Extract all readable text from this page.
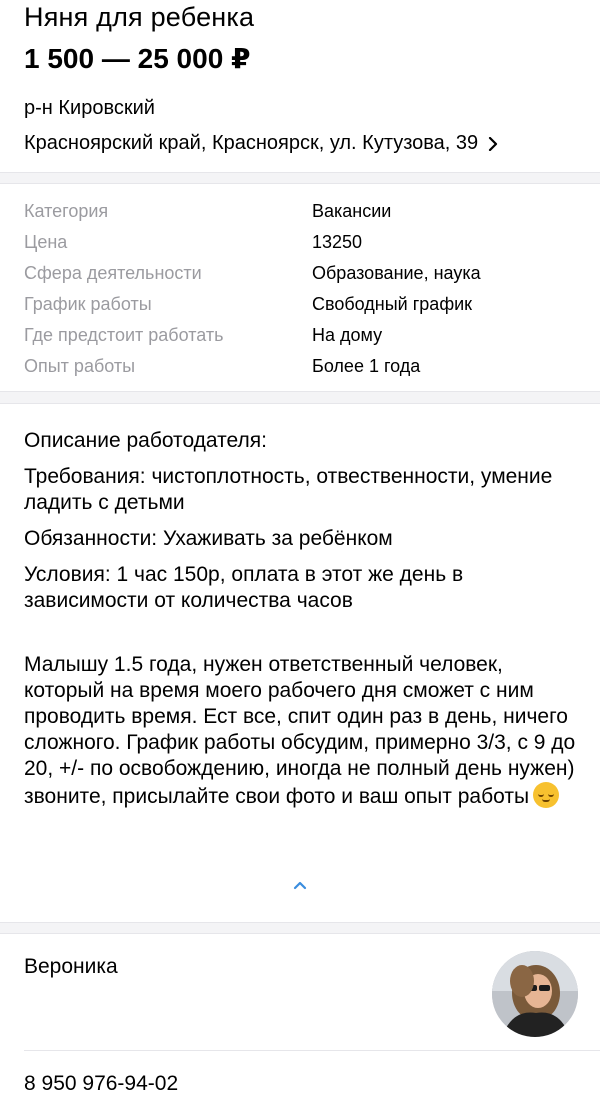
Няня для ребенка
1 500 — 25 000 ₽
р-н Кировский
Красноярский край, Красноярск, ул. Кутузова, 39
Категория	Вакансии
Цена	13250
Сфера деятельности	Образование, наука
График работы	Свободный график
Где предстоит работать	На дому
Опыт работы	Более 1 года

Описание работодателя:

Требования: чистоплотность, отвественности, умение ладить с детьми

Обязанности: Ухаживать за ребёнком

Условия: 1 час 150р, оплата в этот же день в зависимости от количества часов

Малышу 1.5 года, нужен ответственный человек, который на время моего рабочего дня сможет с ним проводить время. Ест все, спит один раз в день, ничего сложного. График работы обсудим, примерно 3/3, с 9 до 20, +/- по освобождению, иногда не полный день нужен) звоните, присылайте свои фото и ваш опыт работы

Вероника
8 950 976-94-02
